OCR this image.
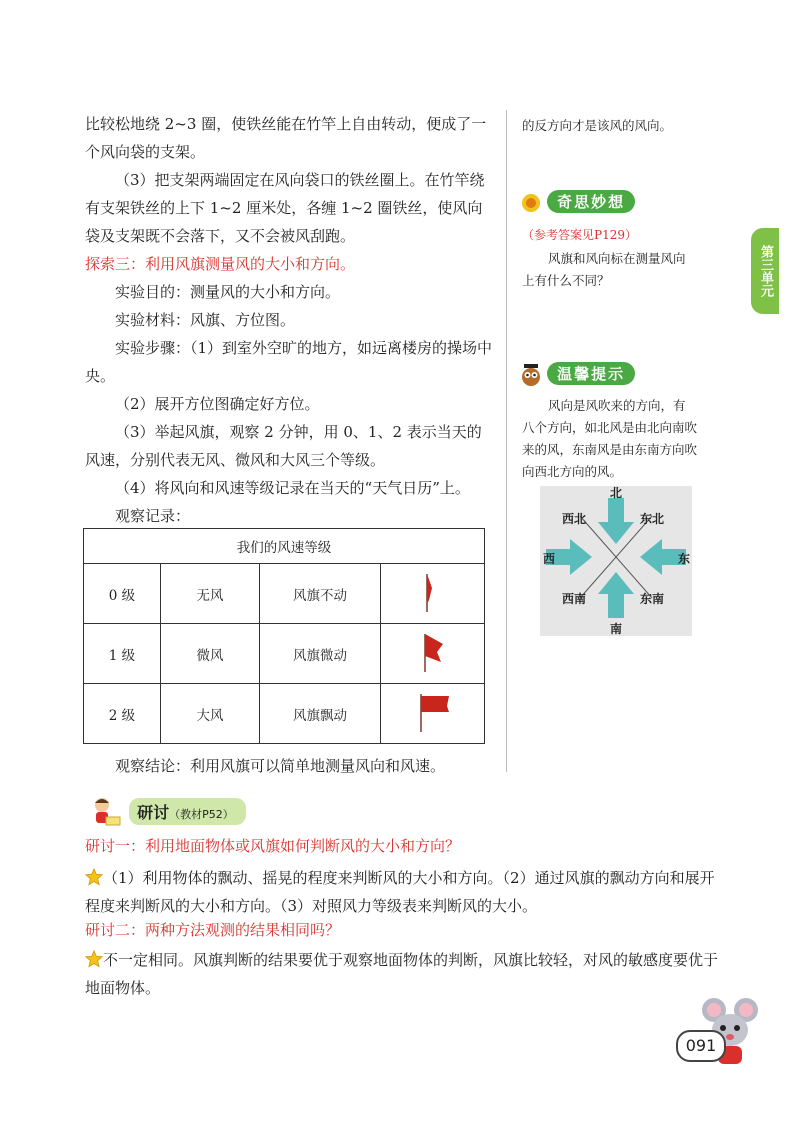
比较松地绕 2~3 圈，使铁丝能在竹竿上自由转动，便成了一个风向袋的支架。

（3）把支架两端固定在风向袋口的铁丝圈上。在竹竿绕有支架铁丝的上下 1~2 厘米处，各缠 1~2 圈铁丝，使风向袋及支架既不会落下，又不会被风刮跑。

探索三：利用风旗测量风的大小和方向。

实验目的：测量风的大小和方向。

实验材料：风旗、方位图。

实验步骤：（1）到室外空旷的地方，如远离楼房的操场中央。

（2）展开方位图确定好方位。

（3）举起风旗，观察 2 分钟，用 0、1、2 表示当天的风速，分别代表无风、微风和大风三个等级。

（4）将风向和风速等级记录在当天的“天气日历”上。

观察记录：

我们的风速等级			
0 级	无风	风旗不动	
1 级	微风	风旗微动	
2 级	大风	风旗飘动	

观察结论：利用风旗可以简单地测量风向和风速。

的反方向才是该风的风向。
奇思妙想
（参考答案见P129）
风旗和风向标在测量风向上有什么不同？
温馨提示
风向是风吹来的方向，有八个方向，如北风是由北向南吹来的风，东南风是由东南方向吹向西北方向的风。
北
南
东
西
西北	东北
西南	东南
第三单元
研讨（教材P52）
研讨一：利用地面物体或风旗如何判断风的大小和方向？
（1）利用物体的飘动、摇晃的程度来判断风的大小和方向。（2）通过风旗的飘动方向和展开程度来判断风的大小和方向。（3）对照风力等级表来判断风的大小。
研讨二：两种方法观测的结果相同吗？
不一定相同。风旗判断的结果要优于观察地面物体的判断，风旗比较轻，对风的敏感度要优于地面物体。
091
